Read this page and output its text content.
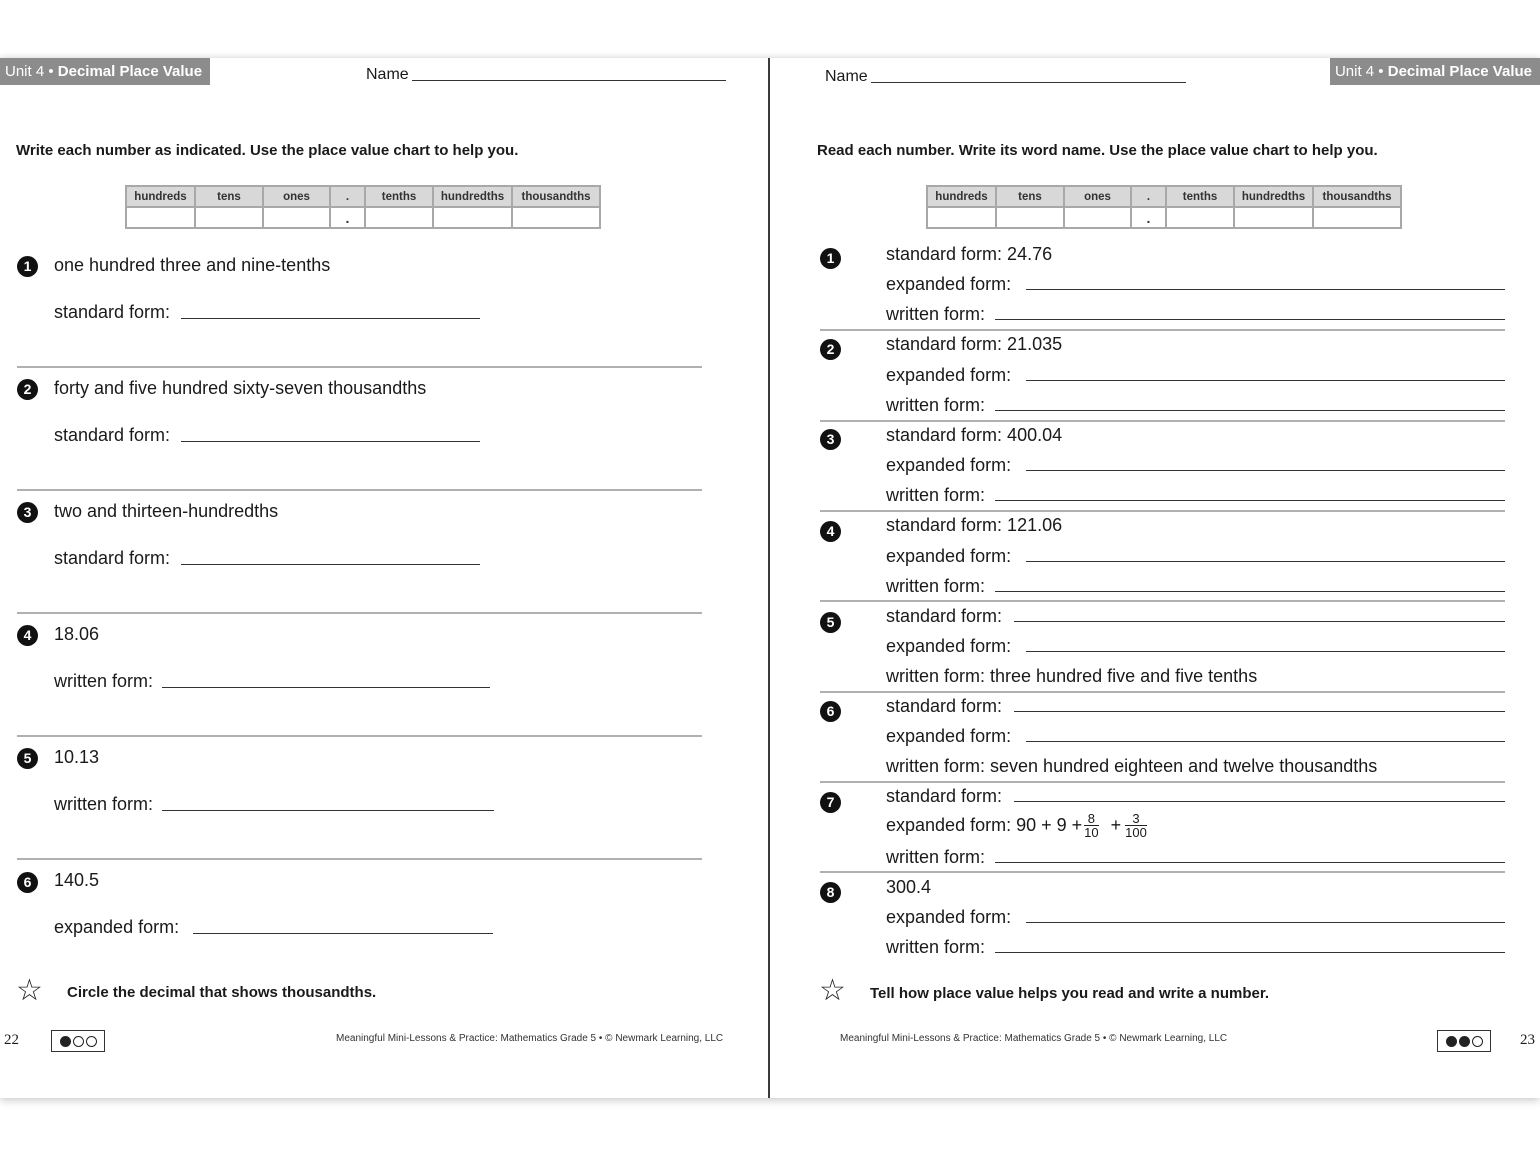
Unit 4 • Decimal Place Value	Name
Write each number as indicated. Use the place value chart to help you.
hundreds	tens	ones	.	tenths	hundredths	thousandths
			.			
1	one hundred three and nine-tenths
standard form:
2	forty and five hundred sixty-seven thousandths
standard form:
3	two and thirteen-hundredths
standard form:
4	18.06
written form:
5	10.13
written form:
6	140.5
expanded form:
☆ Circle the decimal that shows thousandths.
22	Meaningful Mini-Lessons & Practice: Mathematics Grade 5 • © Newmark Learning, LLC
Name	Unit 4 • Decimal Place Value
Read each number. Write its word name. Use the place value chart to help you.
hundreds	tens	ones	.	tenths	hundredths	thousandths
			.			
1	standard form: 24.76
expanded form:
written form:
2	standard form: 21.035
expanded form:
written form:
3	standard form: 400.04
expanded form:
written form:
4	standard form: 121.06
expanded form:
written form:
5	standard form:
expanded form:
written form: three hundred five and five tenths
6	standard form:
expanded form:
written form: seven hundred eighteen and twelve thousandths
7	standard form:
expanded form: $90 + 9 + \frac{8}{10} + \frac{3}{100}$
written form:
8	300.4
expanded form:
written form:
☆ Tell how place value helps you read and write a number.
Meaningful Mini-Lessons & Practice: Mathematics Grade 5 • © Newmark Learning, LLC	23
